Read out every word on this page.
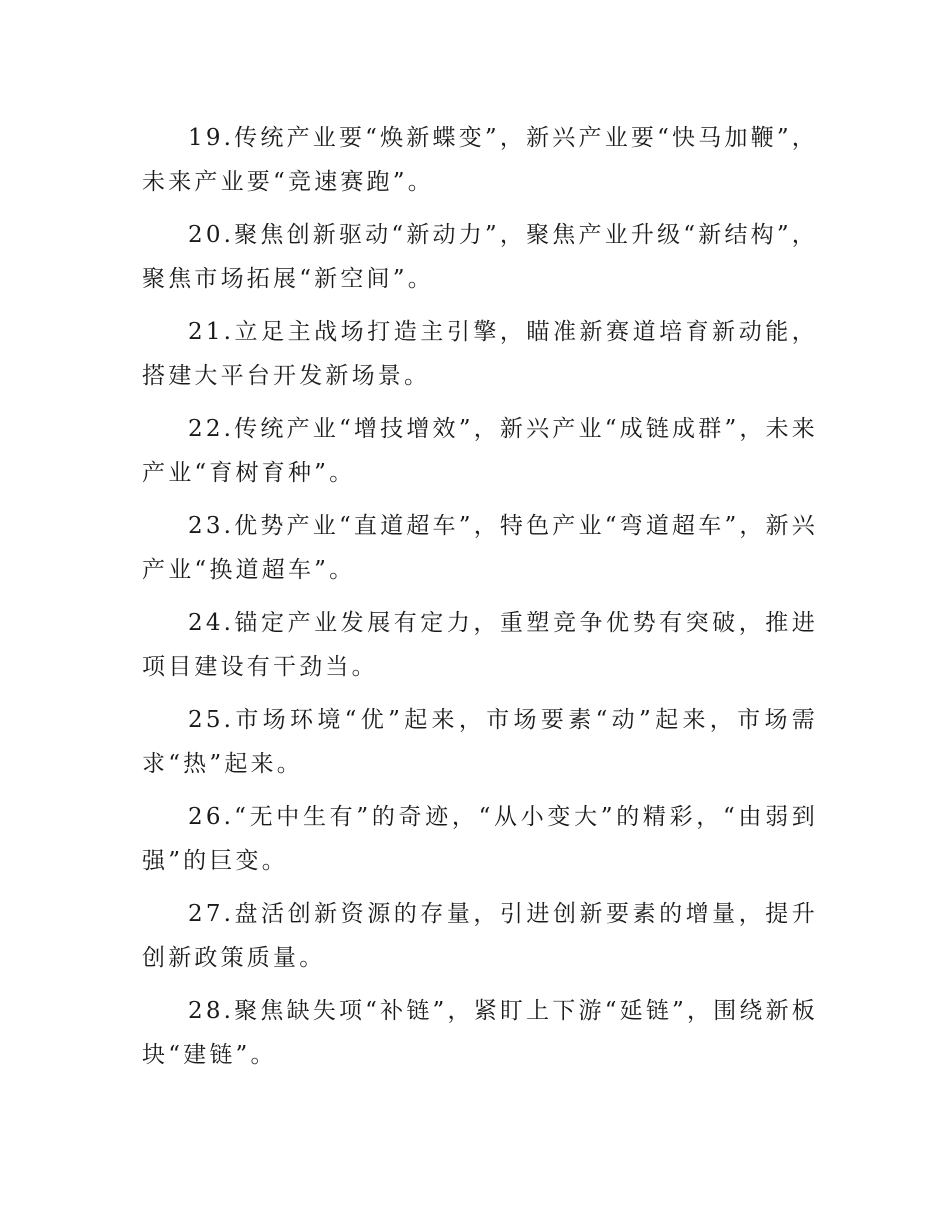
19.传统产业要“焕新蝶变”，新兴产业要“快马加鞭”，未来产业要“竞速赛跑”。

20.聚焦创新驱动“新动力”，聚焦产业升级“新结构”，聚焦市场拓展“新空间”。

21.立足主战场打造主引擎，瞄准新赛道培育新动能，搭建大平台开发新场景。

22.传统产业“增技增效”，新兴产业“成链成群”，未来产业“育树育种”。

23.优势产业“直道超车”，特色产业“弯道超车”，新兴产业“换道超车”。

24.锚定产业发展有定力，重塑竞争优势有突破，推进项目建设有干劲当。

25.市场环境“优”起来，市场要素“动”起来，市场需求“热”起来。

26.“无中生有”的奇迹，“从小变大”的精彩，“由弱到强”的巨变。

27.盘活创新资源的存量，引进创新要素的增量，提升创新政策质量。

28.聚焦缺失项“补链”，紧盯上下游“延链”，围绕新板块“建链”。
